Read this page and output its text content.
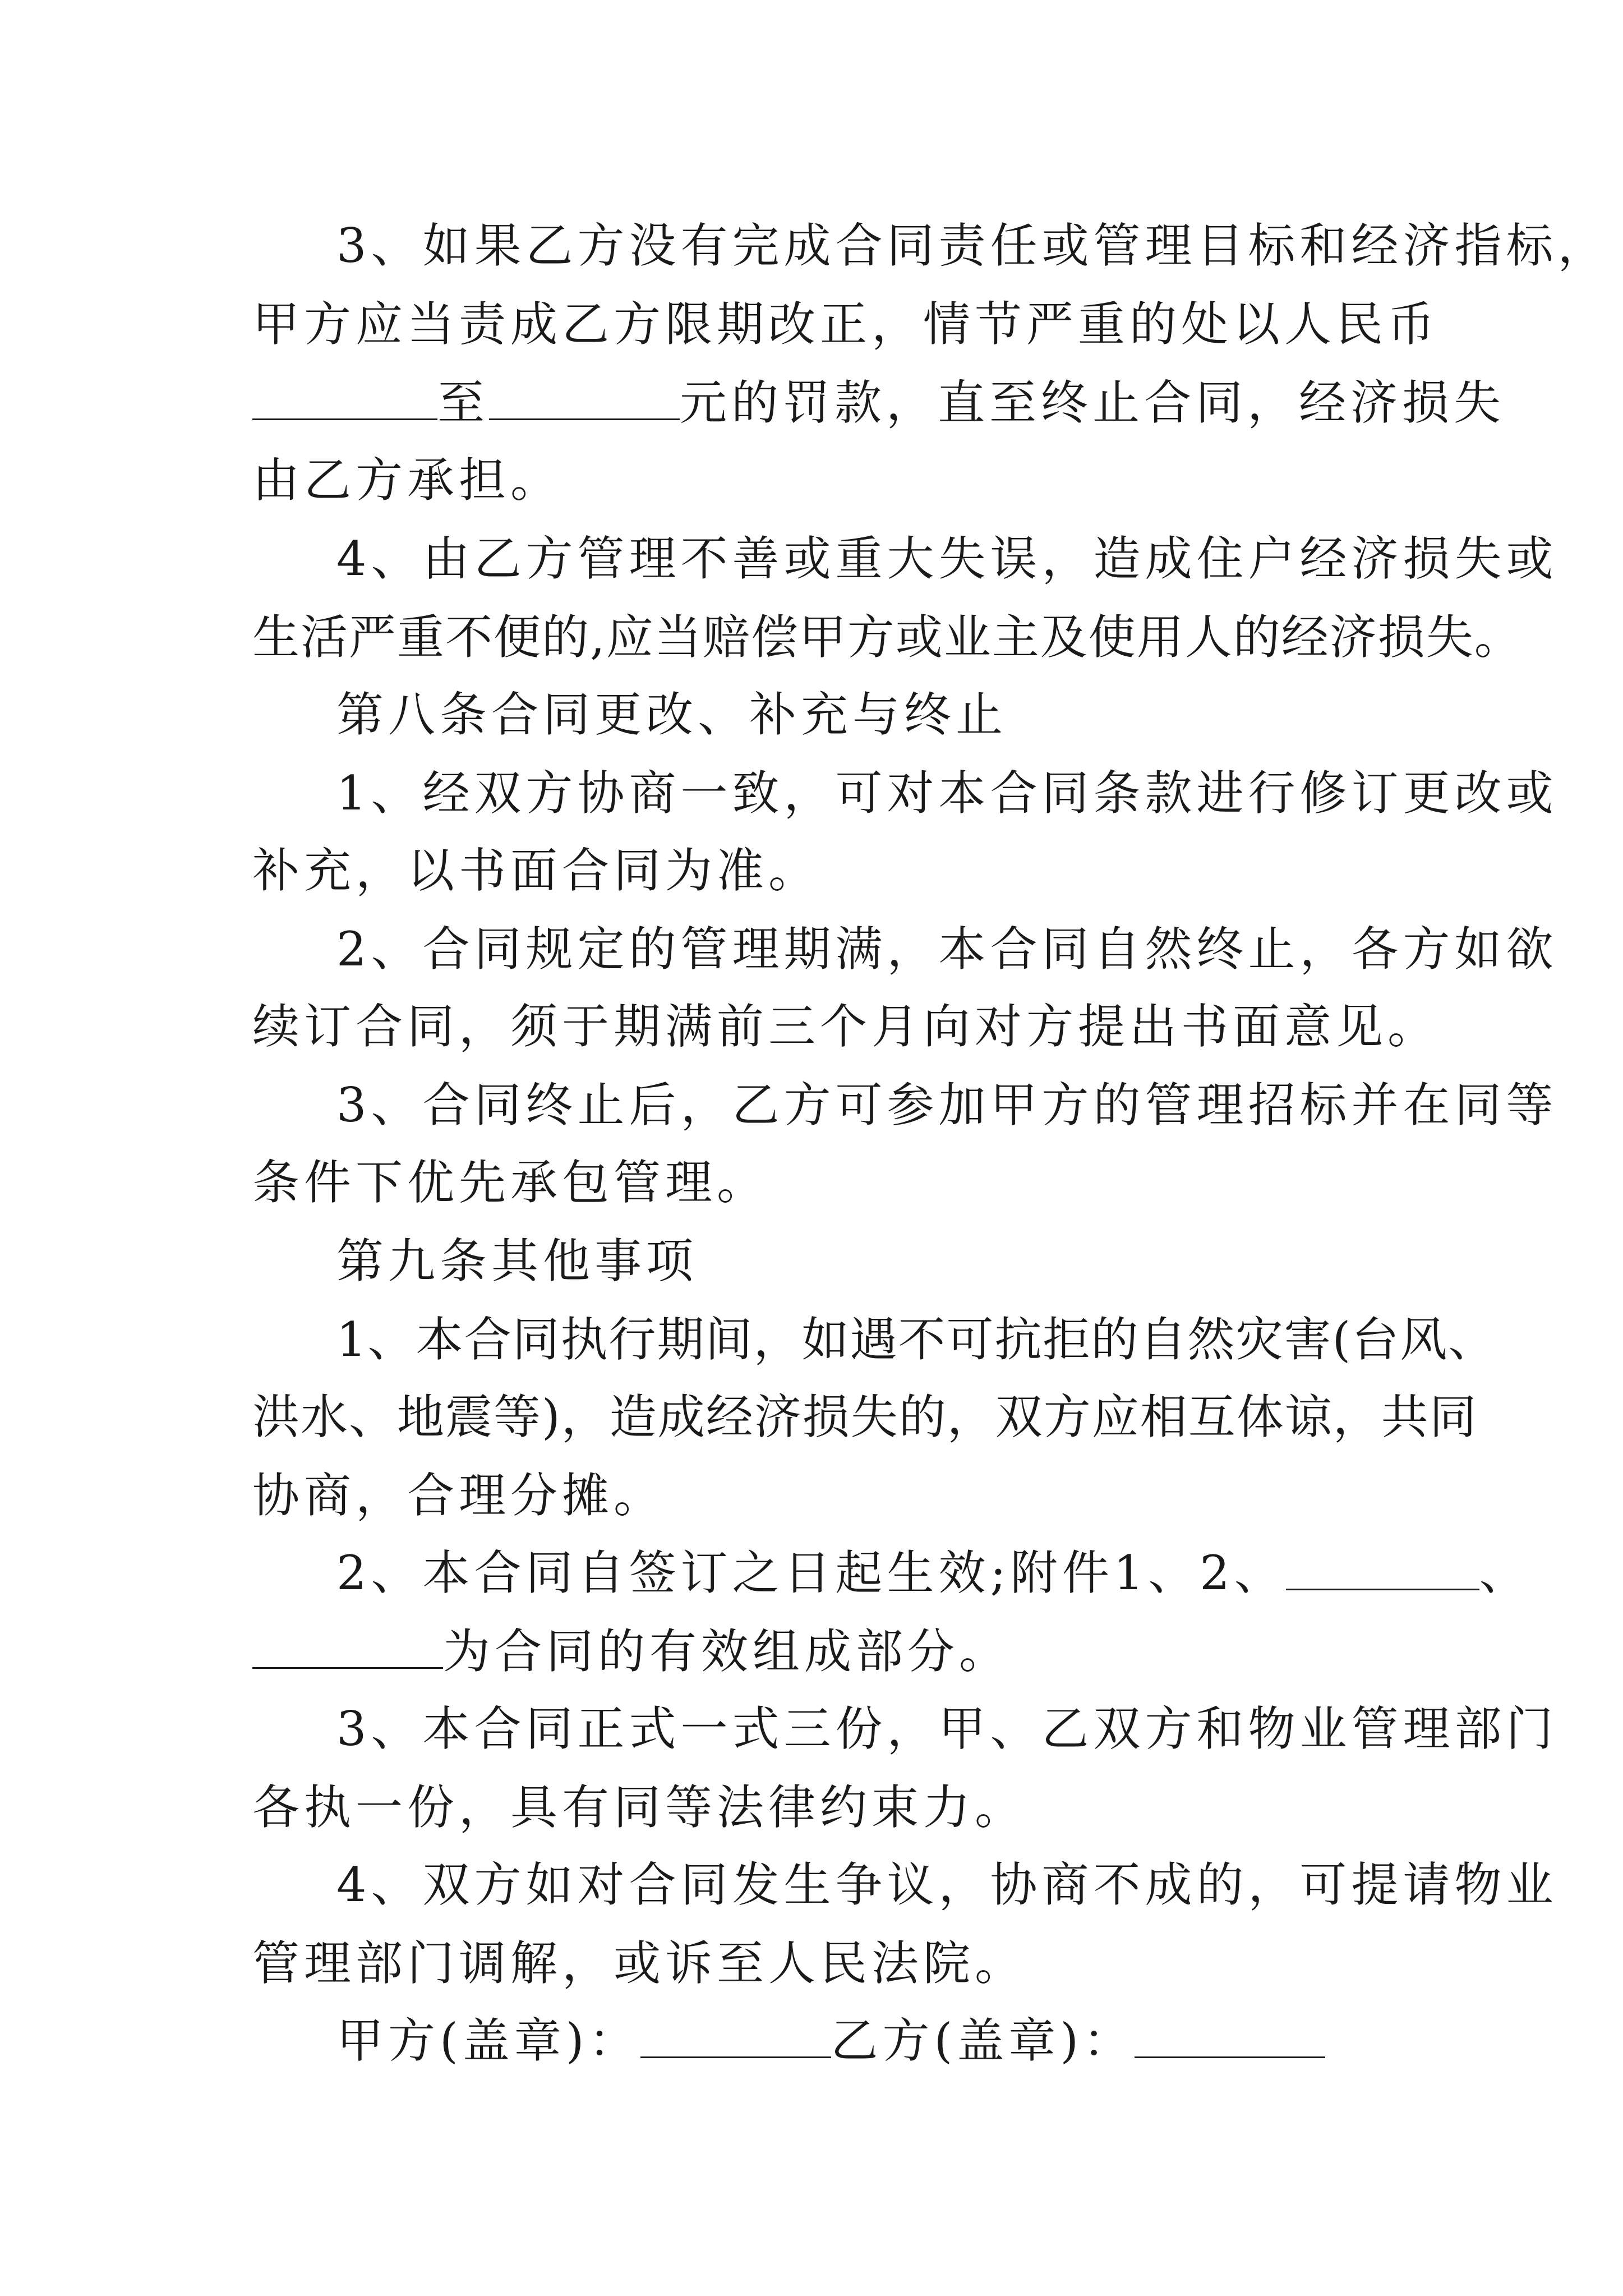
3、如果乙方没有完成合同责任或管理目标和经济指标，
甲方应当责成乙方限期改正，情节严重的处以人民币
至	元的罚款，直至终止合同，经济损失
由乙方承担。
4、由乙方管理不善或重大失误，造成住户经济损失或
生活严重不便的,应当赔偿甲方或业主及使用人的经济损失。
第八条合同更改、补充与终止
1、经双方协商一致，可对本合同条款进行修订更改或
补充，以书面合同为准。
2、合同规定的管理期满，本合同自然终止，各方如欲
续订合同，须于期满前三个月向对方提出书面意见。
3、合同终止后，乙方可参加甲方的管理招标并在同等
条件下优先承包管理。
第九条其他事项
1、本合同执行期间，如遇不可抗拒的自然灾害(台风、
洪水、地震等)，造成经济损失的，双方应相互体谅，共同
协商，合理分摊。
2、本合同自签订之日起生效;附件1、2、	、
为合同的有效组成部分。
3、本合同正式一式三份，甲、乙双方和物业管理部门
各执一份，具有同等法律约束力。
4、双方如对合同发生争议，协商不成的，可提请物业
管理部门调解，或诉至人民法院。
甲方(盖章)：	乙方(盖章)：
